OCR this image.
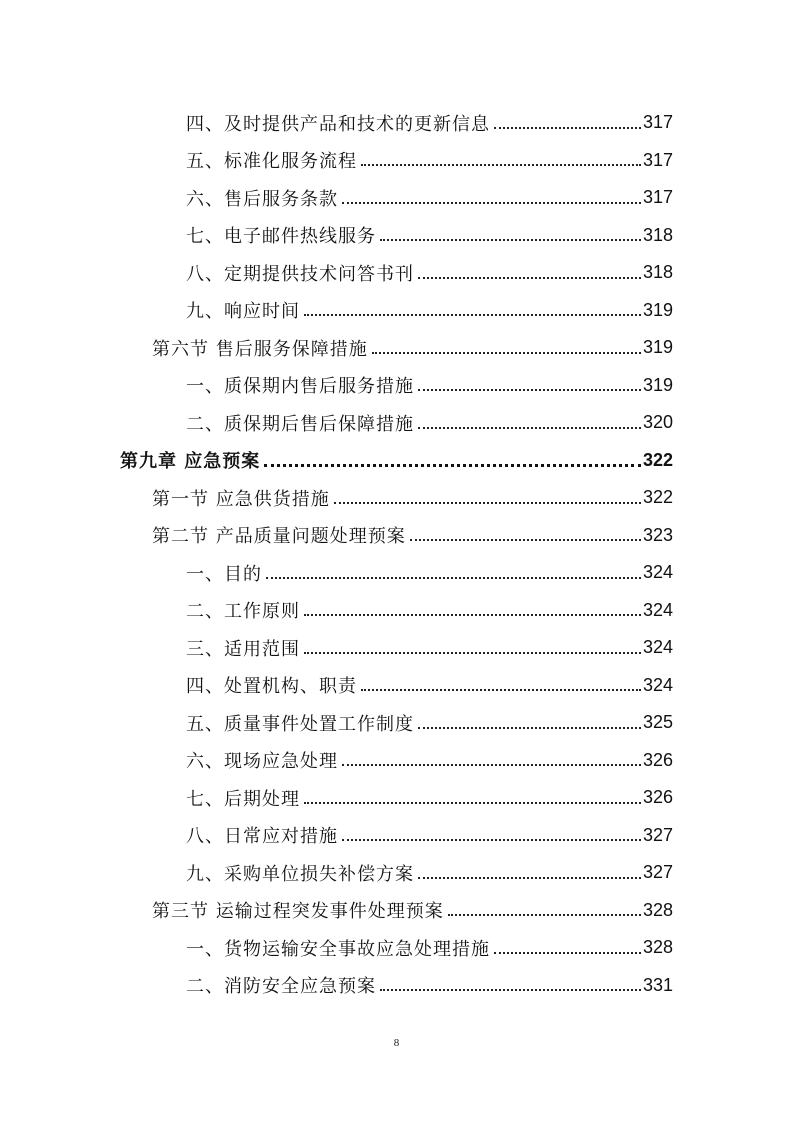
四、及时提供产品和技术的更新信息	317
五、标准化服务流程	317
六、售后服务条款	317
七、电子邮件热线服务	318
八、定期提供技术问答书刊	318
九、响应时间	319
第六节 售后服务保障措施	319
一、质保期内售后服务措施	319
二、质保期后售后保障措施	320
第九章 应急预案	322
第一节 应急供货措施	322
第二节 产品质量问题处理预案	323
一、目的	324
二、工作原则	324
三、适用范围	324
四、处置机构、职责	324
五、质量事件处置工作制度	325
六、现场应急处理	326
七、后期处理	326
八、日常应对措施	327
九、采购单位损失补偿方案	327
第三节 运输过程突发事件处理预案	328
一、货物运输安全事故应急处理措施	328
二、消防安全应急预案	331
8
